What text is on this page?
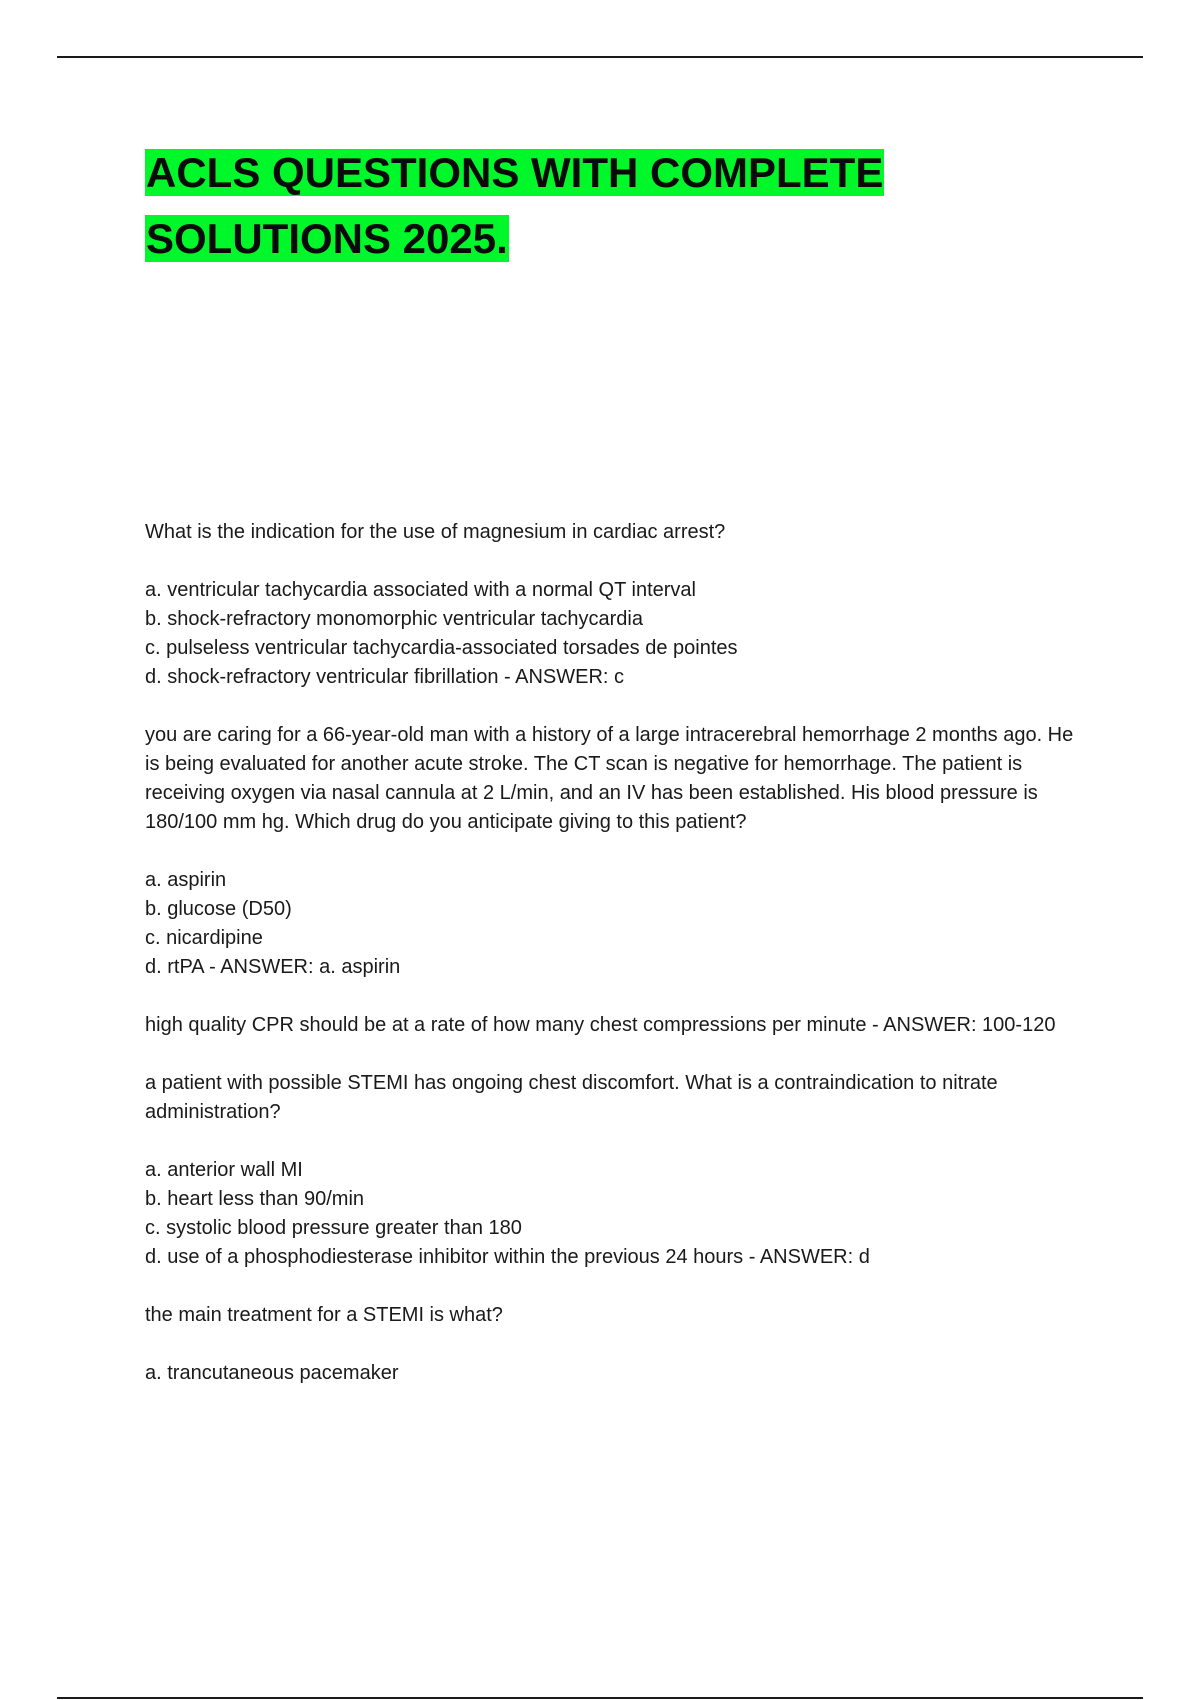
ACLS QUESTIONS WITH COMPLETE
SOLUTIONS 2025.

What is the indication for the use of magnesium in cardiac arrest?

a. ventricular tachycardia associated with a normal QT interval
b. shock-refractory monomorphic ventricular tachycardia
c. pulseless ventricular tachycardia-associated torsades de pointes
d. shock-refractory ventricular fibrillation - ANSWER: c

you are caring for a 66-year-old man with a history of a large intracerebral hemorrhage 2 months ago. He is being evaluated for another acute stroke. The CT scan is negative for hemorrhage. The patient is receiving oxygen via nasal cannula at 2 L/min, and an IV has been established. His blood pressure is 180/100 mm hg. Which drug do you anticipate giving to this patient?

a. aspirin
b. glucose (D50)
c. nicardipine
d. rtPA - ANSWER: a. aspirin

high quality CPR should be at a rate of how many chest compressions per minute - ANSWER: 100-120

a patient with possible STEMI has ongoing chest discomfort. What is a contraindication to nitrate administration?

a. anterior wall MI
b. heart less than 90/min
c. systolic blood pressure greater than 180
d. use of a phosphodiesterase inhibitor within the previous 24 hours - ANSWER: d

the main treatment for a STEMI is what?

a. trancutaneous pacemaker
